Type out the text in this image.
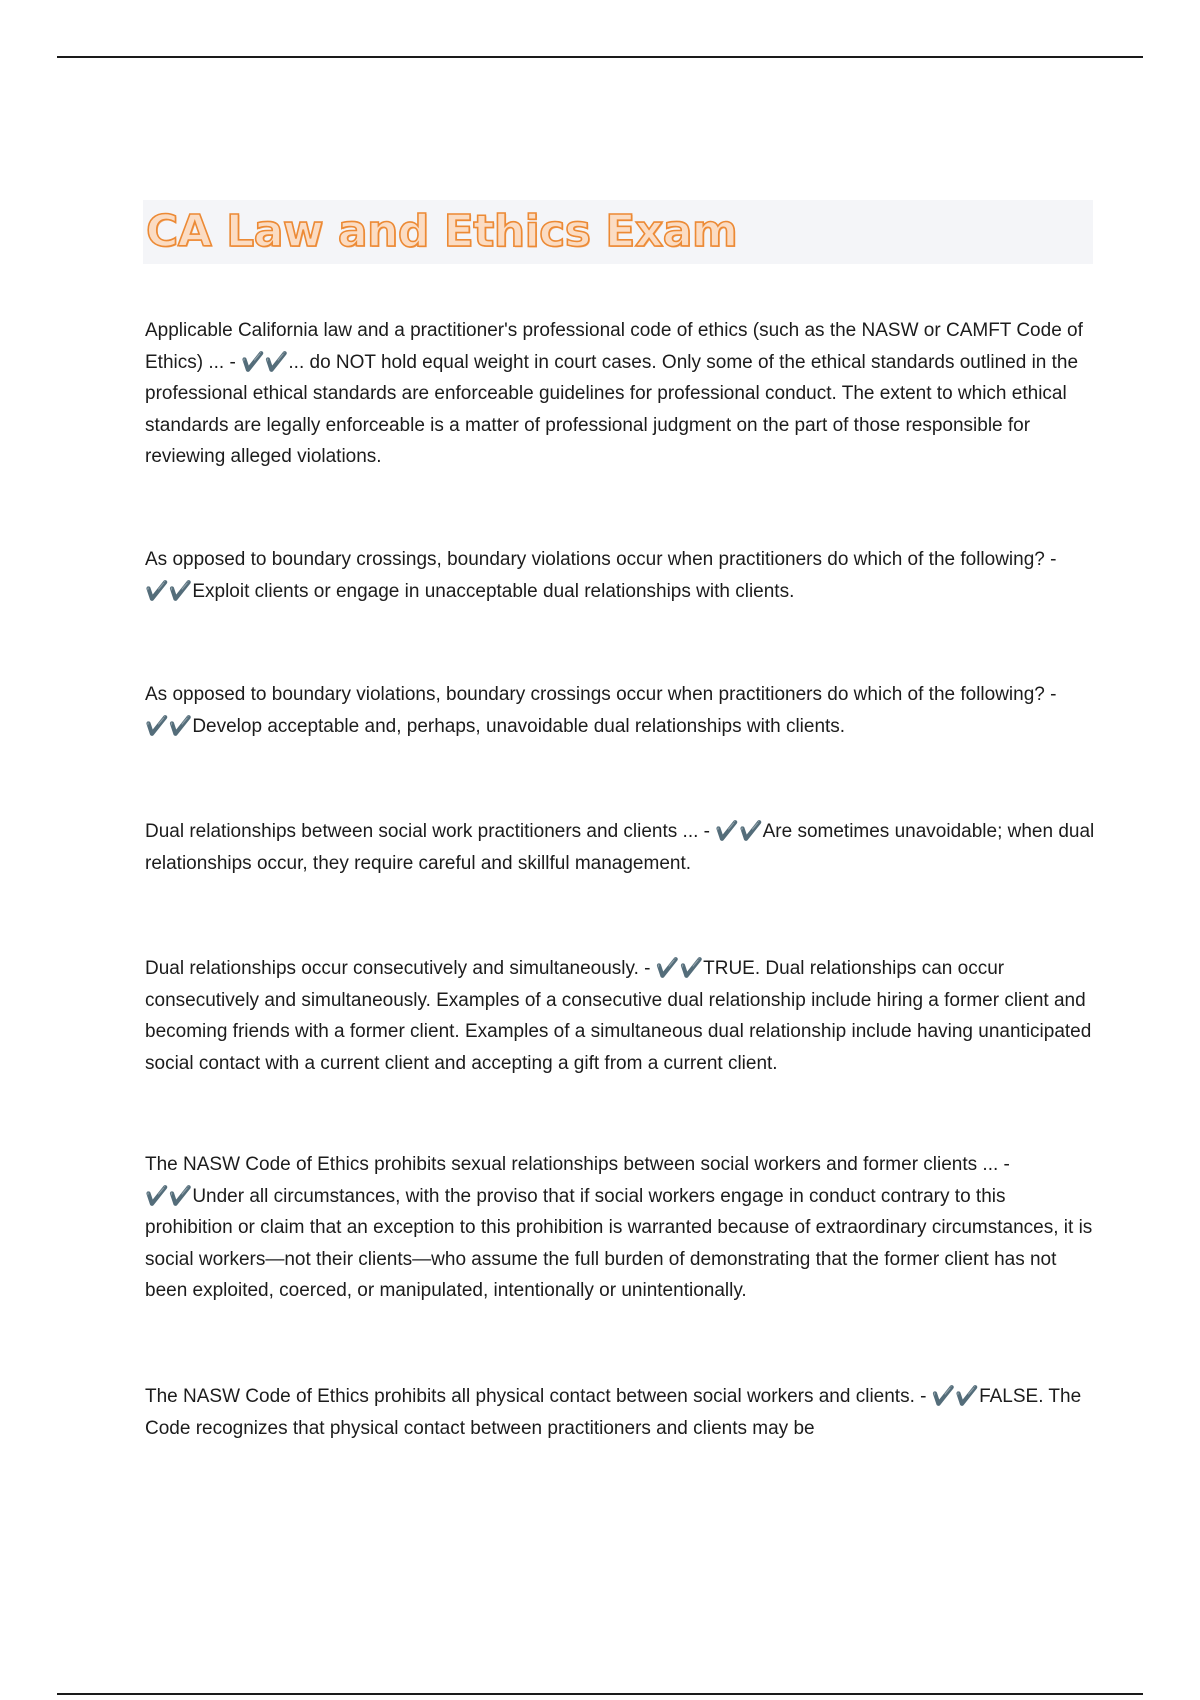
CA Law and Ethics Exam

Applicable California law and a practitioner's professional code of ethics (such as the NASW or CAMFT Code of Ethics) ... - ✔️✔️... do NOT hold equal weight in court cases. Only some of the ethical standards outlined in the professional ethical standards are enforceable guidelines for professional conduct. The extent to which ethical standards are legally enforceable is a matter of professional judgment on the part of those responsible for reviewing alleged violations.

As opposed to boundary crossings, boundary violations occur when practitioners do which of the following? - ✔️✔️Exploit clients or engage in unacceptable dual relationships with clients.

As opposed to boundary violations, boundary crossings occur when practitioners do which of the following? - ✔️✔️Develop acceptable and, perhaps, unavoidable dual relationships with clients.

Dual relationships between social work practitioners and clients ... - ✔️✔️Are sometimes unavoidable; when dual relationships occur, they require careful and skillful management.

Dual relationships occur consecutively and simultaneously. - ✔️✔️TRUE. Dual relationships can occur consecutively and simultaneously. Examples of a consecutive dual relationship include hiring a former client and becoming friends with a former client. Examples of a simultaneous dual relationship include having unanticipated social contact with a current client and accepting a gift from a current client.

The NASW Code of Ethics prohibits sexual relationships between social workers and former clients ... - ✔️✔️Under all circumstances, with the proviso that if social workers engage in conduct contrary to this prohibition or claim that an exception to this prohibition is warranted because of extraordinary circumstances, it is social workers—not their clients—who assume the full burden of demonstrating that the former client has not been exploited, coerced, or manipulated, intentionally or unintentionally.

The NASW Code of Ethics prohibits all physical contact between social workers and clients. - ✔️✔️FALSE. The Code recognizes that physical contact between practitioners and clients may be
